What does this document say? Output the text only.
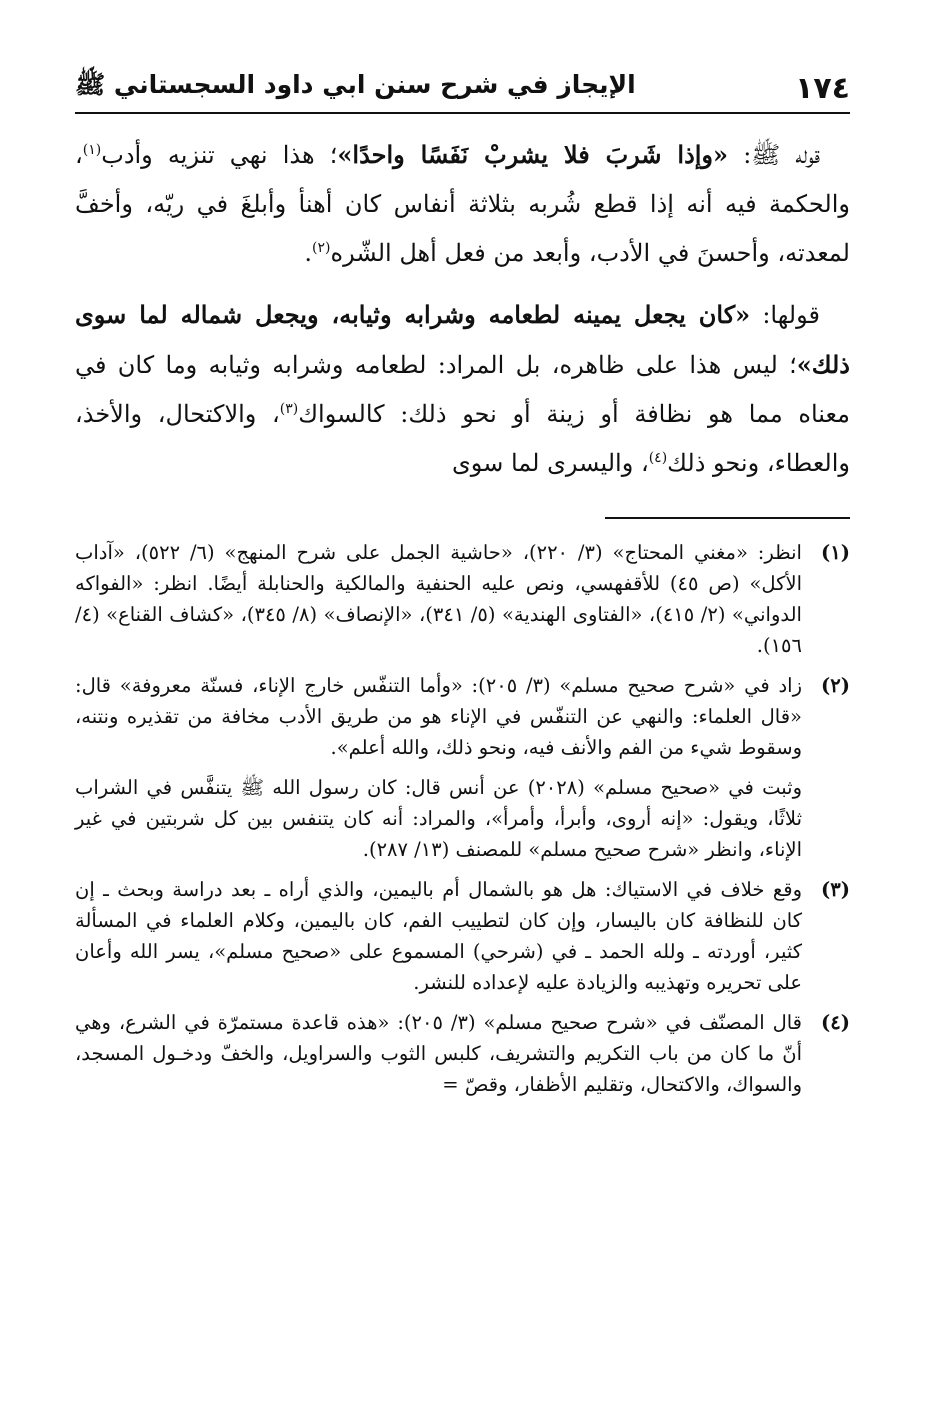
١٧٤
الإيجاز في شرح سنن ابي داود السجستاني ﷺ

قوله ﷺ: «وإذا شَربَ فلا يشربْ نَفَسًا واحدًا»؛ هذا نهي تنزيه وأدب$^{(١)}$، والحكمة فيه أنه إذا قطع شُربه بثلاثة أنفاس كان أهنأ وأبلغَ في ريّه، وأخفَّ لمعدته، وأحسنَ في الأدب، وأبعد من فعل أهل الشّره$^{(٢)}$.

قولها: «كان يجعل يمينه لطعامه وشرابه وثيابه، ويجعل شماله لما سوى ذلك»؛ ليس هذا على ظاهره، بل المراد: لطعامه وشرابه وثيابه وما كان في معناه مما هو نظافة أو زينة أو نحو ذلك: كالسواك$^{(٣)}$، والاكتحال، والأخذ، والعطاء، ونحو ذلك$^{(٤)}$، واليسرى لما سوى

(١)
انظر: «مغني المحتاج» (٣/ ٢٢٠)، «حاشية الجمل على شرح المنهج» (٦/ ٥٢٢)، «آداب الأكل» (ص ٤٥) للأقفهسي، ونص عليه الحنفية والمالكية والحنابلة أيضًا. انظر: «الفواكه الدواني» (٢/ ٤١٥)، «الفتاوى الهندية» (٥/ ٣٤١)، «الإنصاف» (٨/ ٣٤٥)، «كشاف القناع» (٤/ ١٥٦).
(٢)
زاد في «شرح صحيح مسلم» (٣/ ٢٠٥): «وأما التنفّس خارج الإناء، فسنّة معروفة» قال: «قال العلماء: والنهي عن التنفّس في الإناء هو من طريق الأدب مخافة من تقذيره ونتنه، وسقوط شيء من الفم والأنف فيه، ونحو ذلك، والله أعلم».
وثبت في «صحيح مسلم» (٢٠٢٨) عن أنس قال: كان رسول الله ﷺ يتنفَّس في الشراب ثلاثًا، ويقول: «إنه أروى، وأبرأ، وأمرأ»، والمراد: أنه كان يتنفس بين كل شربتين في غير الإناء، وانظر «شرح صحيح مسلم» للمصنف (١٣/ ٢٨٧).
(٣)
وقع خلاف في الاستياك: هل هو بالشمال أم باليمين، والذي أراه ـ بعد دراسة وبحث ـ إن كان للنظافة كان باليسار، وإن كان لتطييب الفم، كان باليمين، وكلام العلماء في المسألة كثير، أوردته ـ ولله الحمد ـ في (شرحي) المسموع على «صحيح مسلم»، يسر الله وأعان على تحريره وتهذيبه والزيادة عليه لإعداده للنشر.
(٤)
قال المصنّف في «شرح صحيح مسلم» (٣/ ٢٠٥): «هذه قاعدة مستمرّة في الشرع، وهي أنّ ما كان من باب التكريم والتشريف، كلبس الثوب والسراويل، والخفّ ودخـول المسجد، والسواك، والاكتحال، وتقليم الأظفار، وقصّ =
